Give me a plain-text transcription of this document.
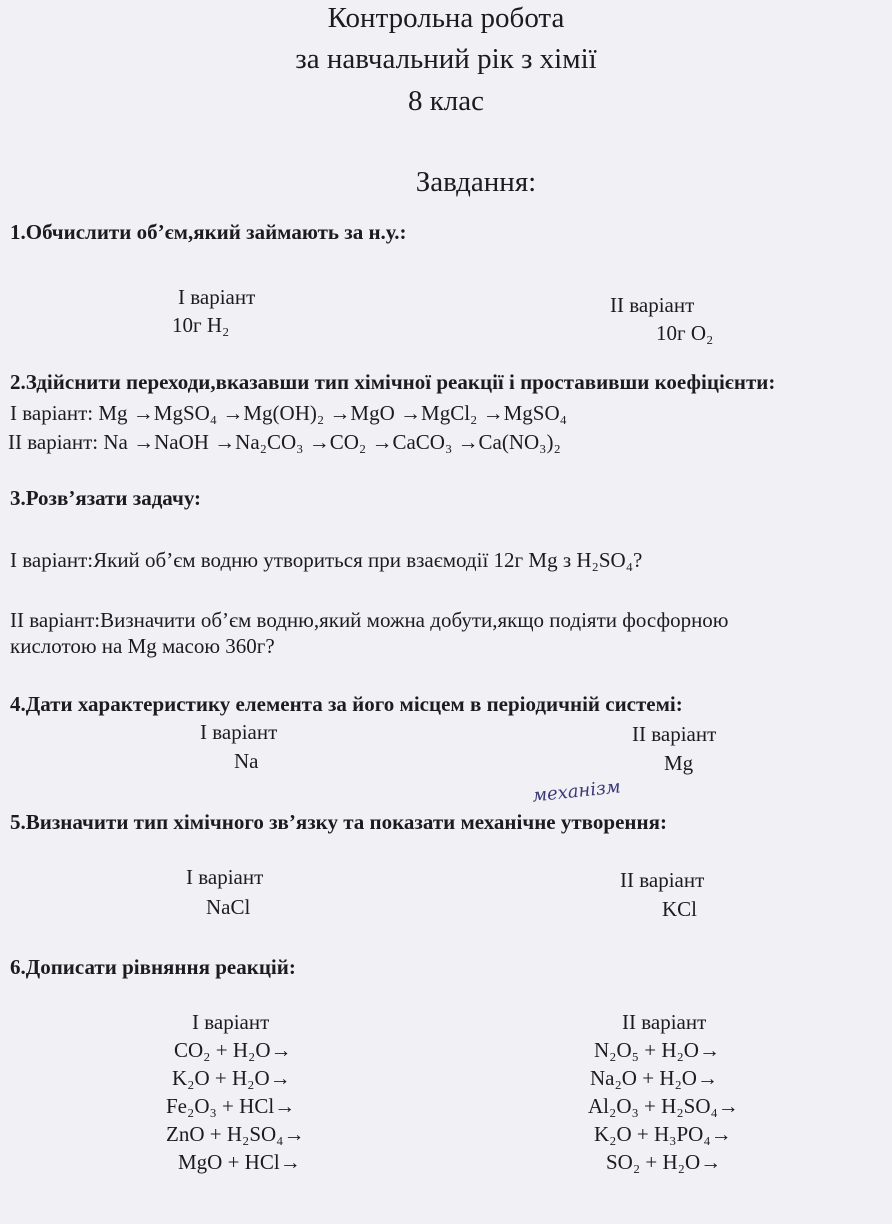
Контрольна робота
за навчальний рік з хімії
8 клас
Завдання:
1.Обчислити об’єм,який займають за н.у.:
І варіант
10г H₂
ІІ варіант
10г O₂
2.Здійснити переходи,вказавши тип хімічної реакції і проставивши коефіцієнти:
І варіант: Mg →MgSO₄ →Mg(OH)₂ →MgO →MgCl₂ →MgSO₄
ІІ варіант: Na →NaOH →Na₂CO₃ →CO₂ →CaCO₃ →Ca(NO₃)₂
3.Розв’язати задачу:
І варіант:Який об’єм водню утвориться при взаємодії 12г Mg з H₂SO₄?
ІІ варіант:Визначити об’єм водню,який можна добути,якщо подіяти фосфорною
кислотою на Mg масою 360г?
4.Дати характеристику елемента за його місцем в періодичній системі:
І варіант
Na
ІІ варіант
Mg
механізм
5.Визначити тип хімічного зв’язку та показати механічне утворення:
І варіант
NaCl
ІІ варіант
KCl
6.Дописати рівняння реакцій:
І варіант
CO₂ + H₂O→
K₂O + H₂O→
Fe₂O₃ + HCl→
ZnO + H₂SO₄→
MgO + HCl→
ІІ варіант
N₂O₅ + H₂O→
Na₂O + H₂O→
Al₂O₃ + H₂SO₄→
K₂O + H₃PO₄→
SO₂ + H₂O→
